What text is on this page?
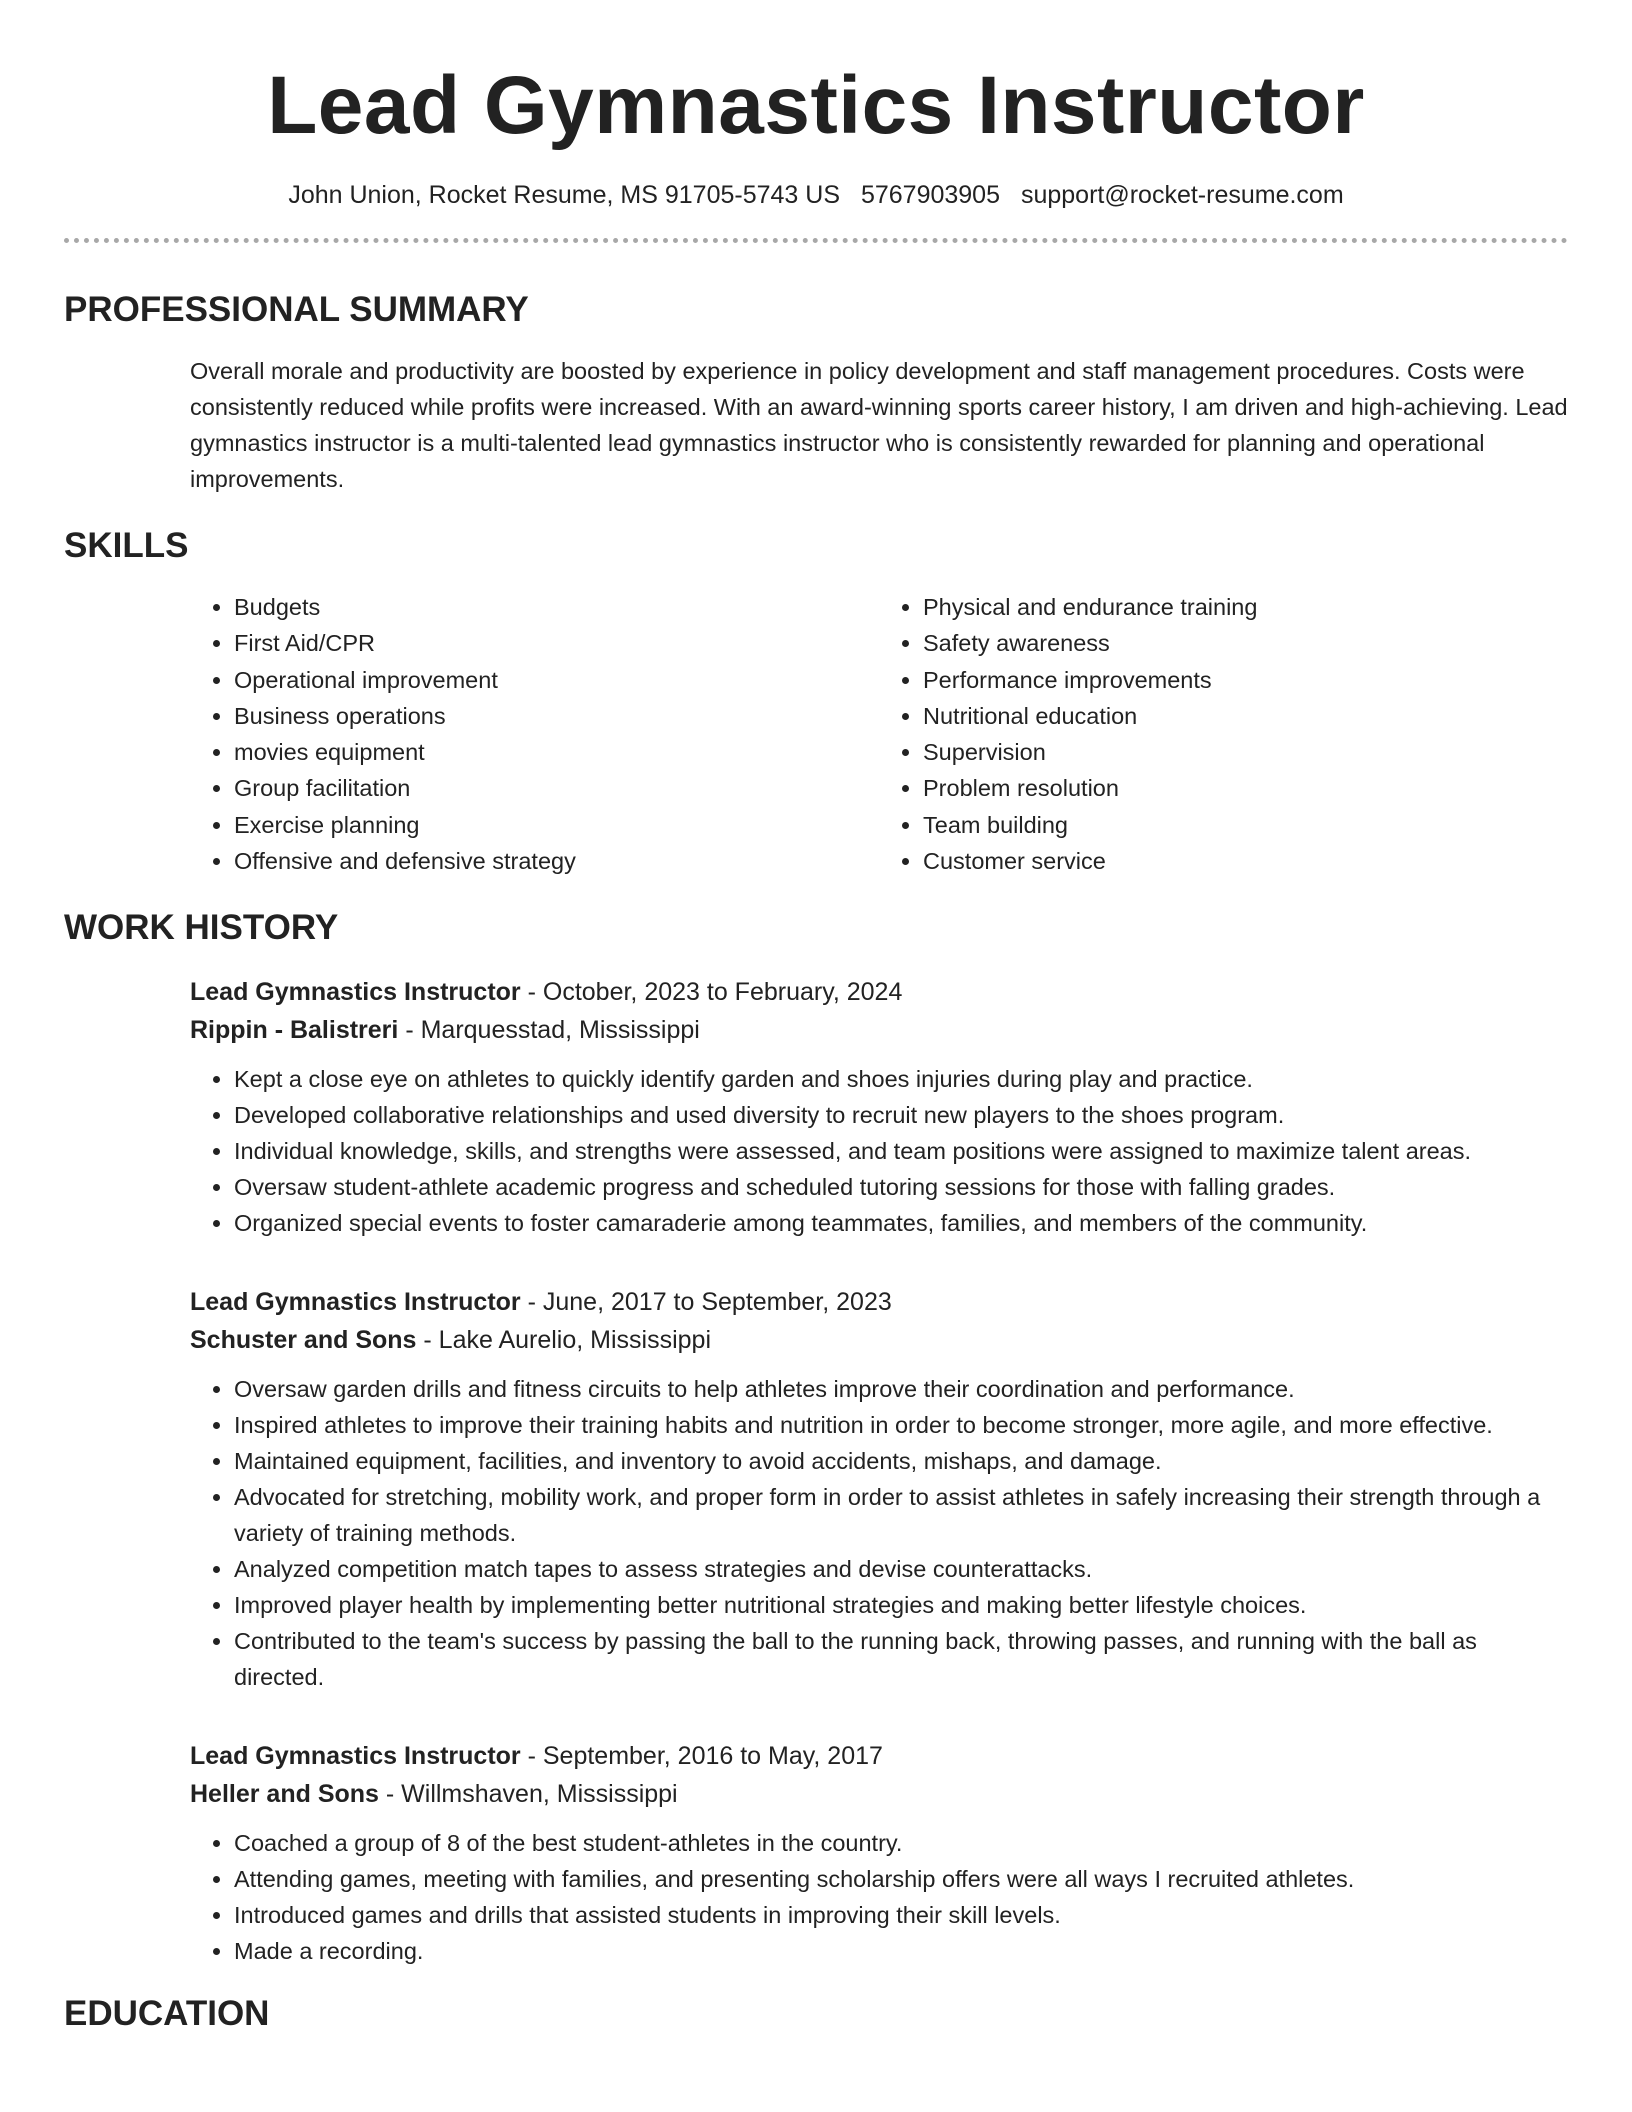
Lead Gymnastics Instructor
John Union, Rocket Resume, MS 91705-5743 US 5767903905 support@rocket-resume.com
PROFESSIONAL SUMMARY
Overall morale and productivity are boosted by experience in policy development and staff management procedures. Costs were consistently reduced while profits were increased. With an award-winning sports career history, I am driven and high-achieving. Lead gymnastics instructor is a multi-talented lead gymnastics instructor who is consistently rewarded for planning and operational improvements.
SKILLS
• Budgets
• First Aid/CPR
• Operational improvement
• Business operations
• movies equipment
• Group facilitation
• Exercise planning
• Offensive and defensive strategy
• Physical and endurance training
• Safety awareness
• Performance improvements
• Nutritional education
• Supervision
• Problem resolution
• Team building
• Customer service
WORK HISTORY
Lead Gymnastics Instructor - October, 2023 to February, 2024
Rippin - Balistreri - Marquesstad, Mississippi
• Kept a close eye on athletes to quickly identify garden and shoes injuries during play and practice.
• Developed collaborative relationships and used diversity to recruit new players to the shoes program.
• Individual knowledge, skills, and strengths were assessed, and team positions were assigned to maximize talent areas.
• Oversaw student-athlete academic progress and scheduled tutoring sessions for those with falling grades.
• Organized special events to foster camaraderie among teammates, families, and members of the community.
Lead Gymnastics Instructor - June, 2017 to September, 2023
Schuster and Sons - Lake Aurelio, Mississippi
• Oversaw garden drills and fitness circuits to help athletes improve their coordination and performance.
• Inspired athletes to improve their training habits and nutrition in order to become stronger, more agile, and more effective.
• Maintained equipment, facilities, and inventory to avoid accidents, mishaps, and damage.
• Advocated for stretching, mobility work, and proper form in order to assist athletes in safely increasing their strength through a variety of training methods.
• Analyzed competition match tapes to assess strategies and devise counterattacks.
• Improved player health by implementing better nutritional strategies and making better lifestyle choices.
• Contributed to the team's success by passing the ball to the running back, throwing passes, and running with the ball as directed.
Lead Gymnastics Instructor - September, 2016 to May, 2017
Heller and Sons - Willmshaven, Mississippi
• Coached a group of 8 of the best student-athletes in the country.
• Attending games, meeting with families, and presenting scholarship offers were all ways I recruited athletes.
• Introduced games and drills that assisted students in improving their skill levels.
• Made a recording.
EDUCATION
